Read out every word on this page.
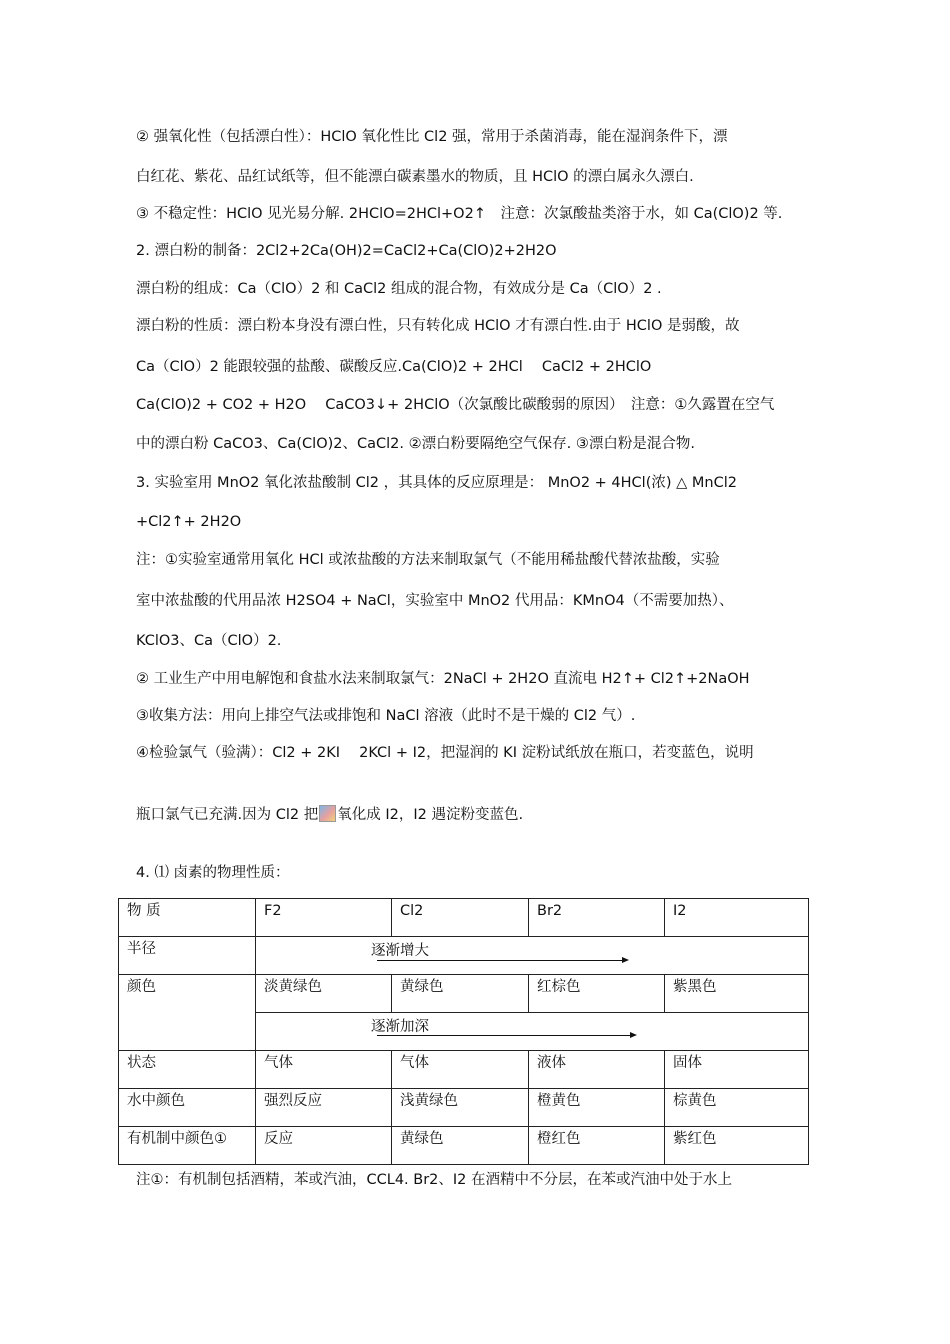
② 强氧化性（包括漂白性）：HClO 氧化性比 Cl2 强，常用于杀菌消毒，能在湿润条件下，漂
白红花、紫花、品红试纸等，但不能漂白碳素墨水的物质，且 HClO 的漂白属永久漂白.
③ 不稳定性：HClO 见光易分解. 2HClO=2HCl+O2↑　注意：次氯酸盐类溶于水，如 Ca(ClO)2 等.
2. 漂白粉的制备：2Cl2+2Ca(OH)2=CaCl2+Ca(ClO)2+2H2O
漂白粉的组成：Ca（ClO）2 和 CaCl2 组成的混合物，有效成分是 Ca（ClO）2 .
漂白粉的性质：漂白粉本身没有漂白性，只有转化成 HClO 才有漂白性.由于 HClO 是弱酸，故
Ca（ClO）2 能跟较强的盐酸、碳酸反应.Ca(ClO)2 + 2HCl　 CaCl2 + 2HClO
Ca(ClO)2 + CO2 + H2O　 CaCO3↓+ 2HClO（次氯酸比碳酸弱的原因）　注意：①久露置在空气
中的漂白粉 CaCO3、Ca(ClO)2、CaCl2. ②漂白粉要隔绝空气保存. ③漂白粉是混合物.
3. 实验室用 MnO2 氧化浓盐酸制 Cl2 ，其具体的反应原理是： MnO2 + 4HCl(浓) △ MnCl2
+Cl2↑+ 2H2O
注：①实验室通常用氧化 HCl 或浓盐酸的方法来制取氯气（不能用稀盐酸代替浓盐酸，实验
室中浓盐酸的代用品浓 H2SO4 + NaCl，实验室中 MnO2 代用品：KMnO4（不需要加热）、
KClO3、Ca（ClO）2.
② 工业生产中用电解饱和食盐水法来制取氯气：2NaCl + 2H2O 直流电 H2↑+ Cl2↑+2NaOH
③收集方法：用向上排空气法或排饱和 NaCl 溶液（此时不是干燥的 Cl2 气）.
④检验氯气（验满）：Cl2 + 2KI　 2KCl + I2，把湿润的 KI 淀粉试纸放在瓶口，若变蓝色，说明
瓶口氯气已充满.因为 Cl2 把 氧化成 I2，I2 遇淀粉变蓝色.
4. ⑴ 卤素的物理性质：
物 质	F2	Cl2	Br2	I2
半径	逐渐增大			

颜色	淡黄绿色	黄绿色	红棕色	紫黑色

	逐渐加深			

状态	气体	气体	液体	固体
水中颜色	强烈反应	浅黄绿色	橙黄色	棕黄色
有机制中颜色①	反应	黄绿色	橙红色	紫红色
注①：有机制包括酒精，苯或汽油，CCL4. Br2、I2 在酒精中不分层，在苯或汽油中处于水上
